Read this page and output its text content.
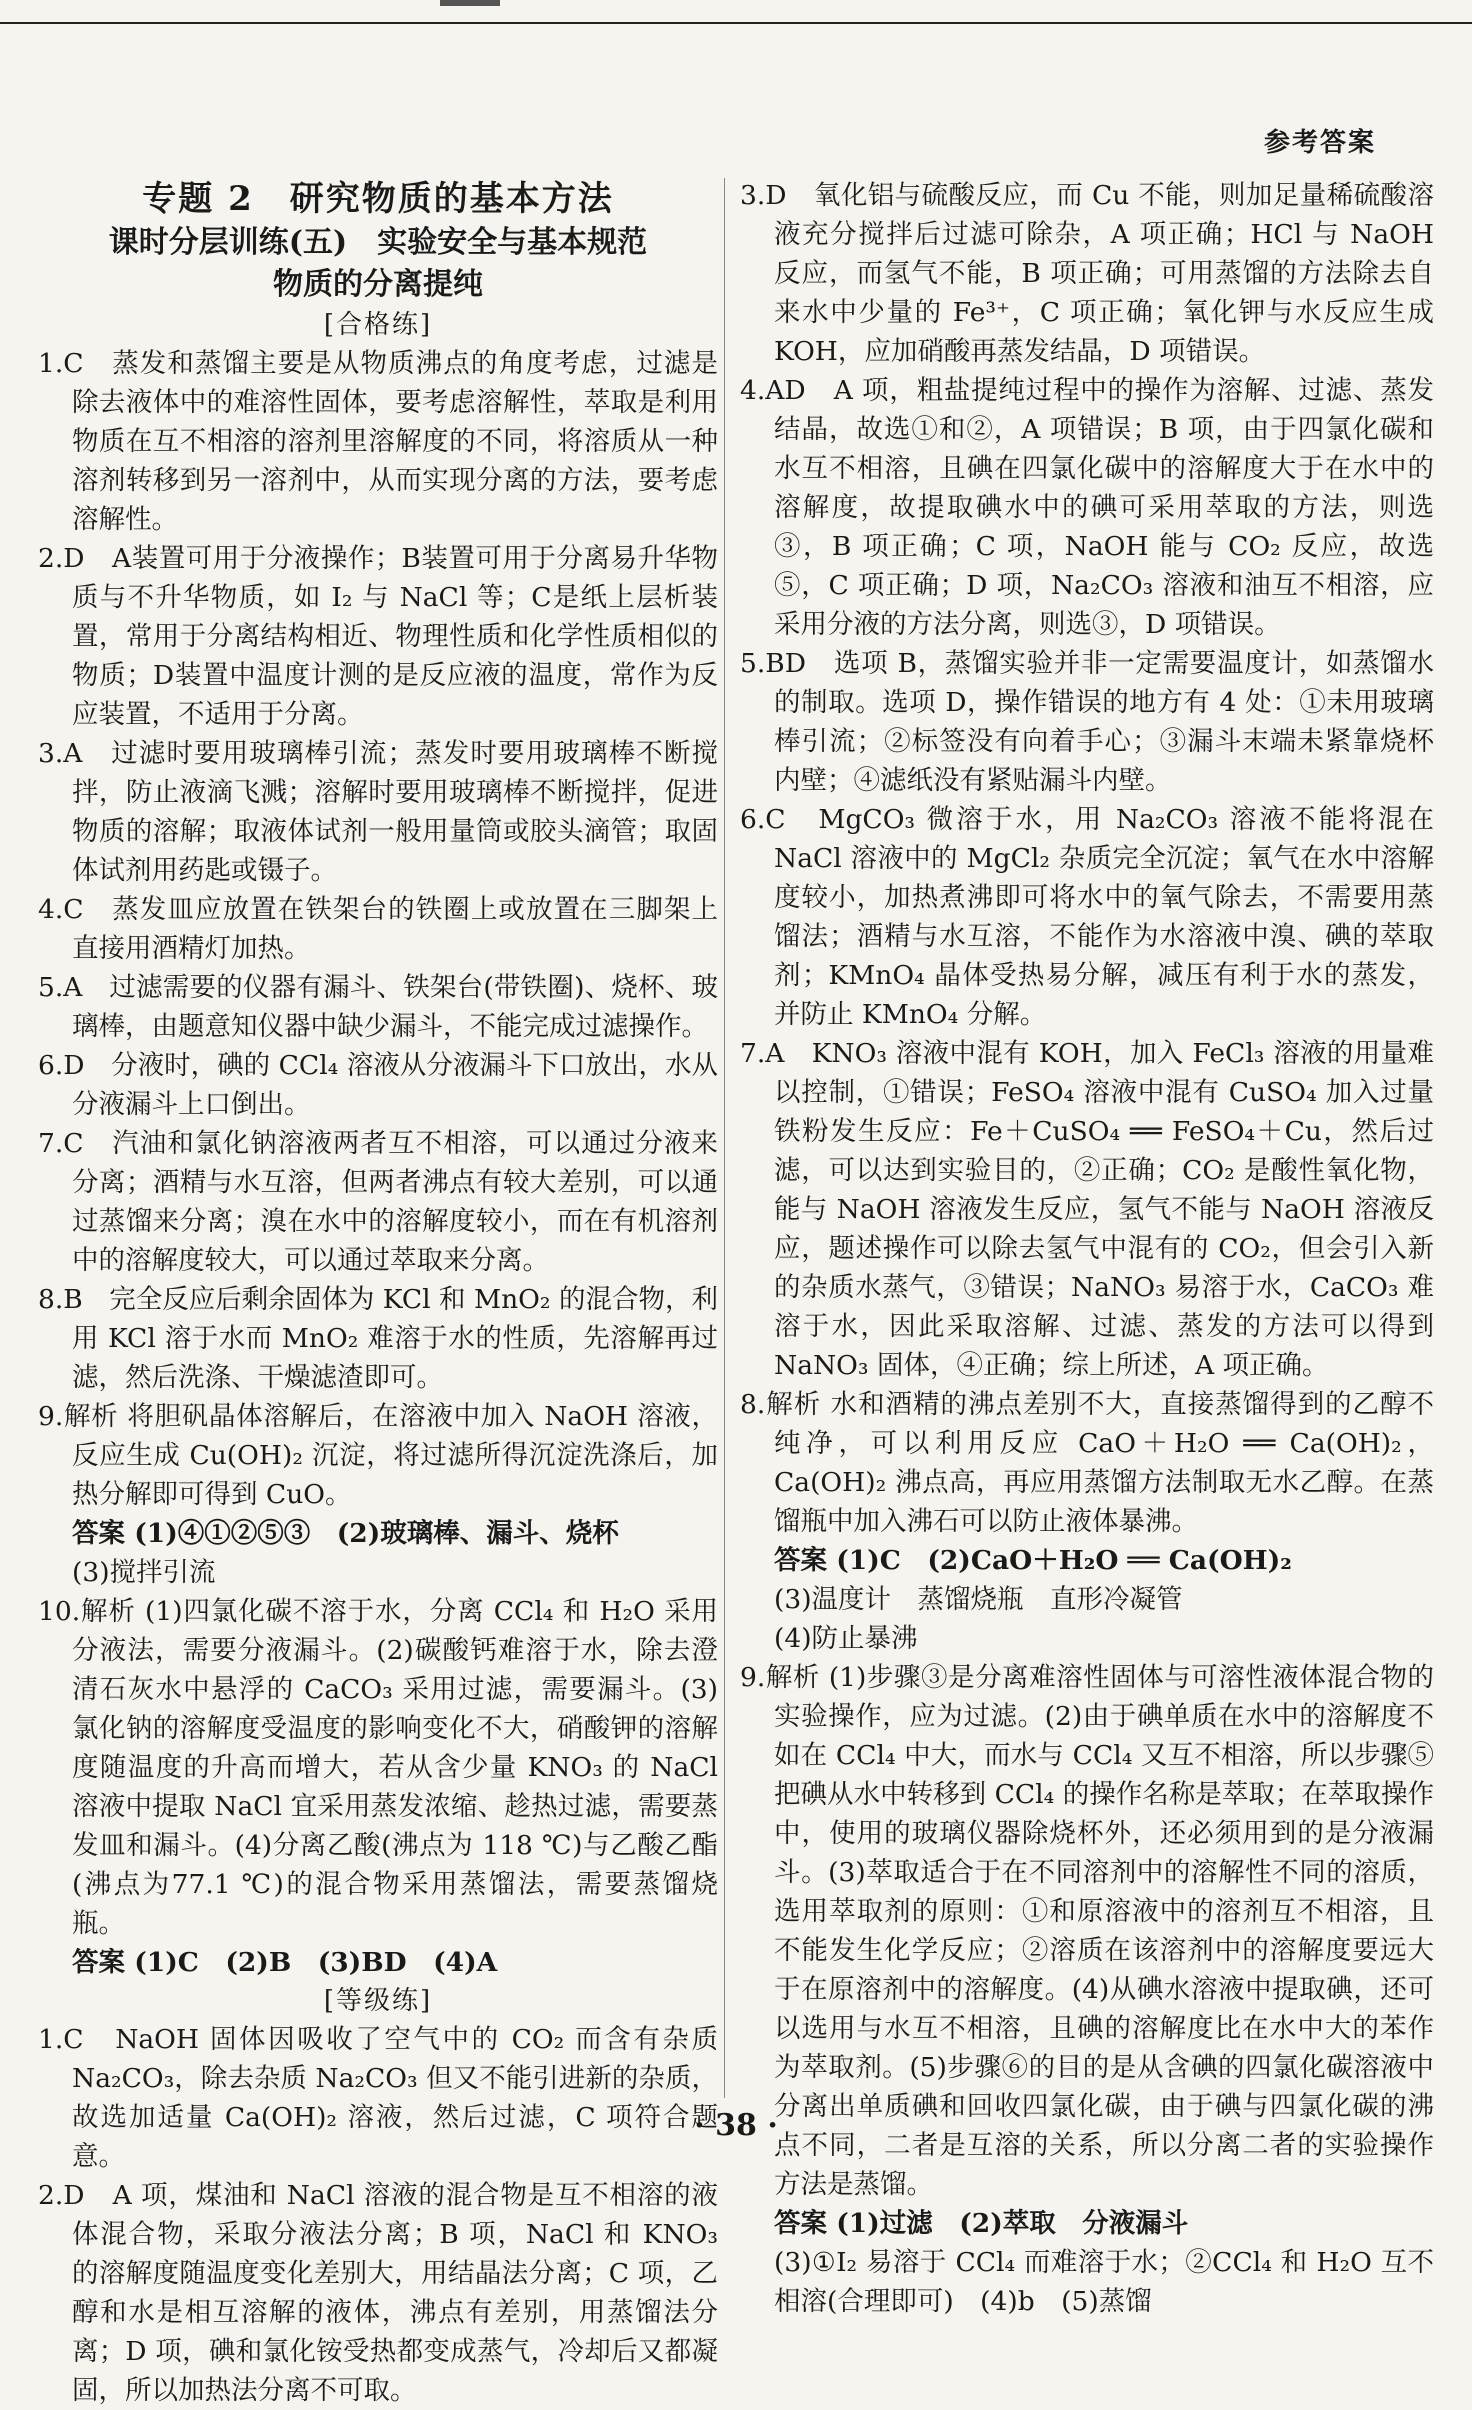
参考答案
专题 2　研究物质的基本方法
课时分层训练(五)　实验安全与基本规范
物质的分离提纯
[合格练]

1.C　蒸发和蒸馏主要是从物质沸点的角度考虑，过滤是除去液体中的难溶性固体，要考虑溶解性，萃取是利用物质在互不相溶的溶剂里溶解度的不同，将溶质从一种溶剂转移到另一溶剂中，从而实现分离的方法，要考虑溶解性。

2.D　A装置可用于分液操作；B装置可用于分离易升华物质与不升华物质，如 I₂ 与 NaCl 等；C是纸上层析装置，常用于分离结构相近、物理性质和化学性质相似的物质；D装置中温度计测的是反应液的温度，常作为反应装置，不适用于分离。

3.A　过滤时要用玻璃棒引流；蒸发时要用玻璃棒不断搅拌，防止液滴飞溅；溶解时要用玻璃棒不断搅拌，促进物质的溶解；取液体试剂一般用量筒或胶头滴管；取固体试剂用药匙或镊子。

4.C　蒸发皿应放置在铁架台的铁圈上或放置在三脚架上直接用酒精灯加热。

5.A　过滤需要的仪器有漏斗、铁架台(带铁圈)、烧杯、玻璃棒，由题意知仪器中缺少漏斗，不能完成过滤操作。

6.D　分液时，碘的 CCl₄ 溶液从分液漏斗下口放出，水从分液漏斗上口倒出。

7.C　汽油和氯化钠溶液两者互不相溶，可以通过分液来分离；酒精与水互溶，但两者沸点有较大差别，可以通过蒸馏来分离；溴在水中的溶解度较小，而在有机溶剂中的溶解度较大，可以通过萃取来分离。

8.B　完全反应后剩余固体为 KCl 和 MnO₂ 的混合物，利用 KCl 溶于水而 MnO₂ 难溶于水的性质，先溶解再过滤，然后洗涤、干燥滤渣即可。

9.解析 将胆矾晶体溶解后，在溶液中加入 NaOH 溶液，反应生成 Cu(OH)₂ 沉淀，将过滤所得沉淀洗涤后，加热分解即可得到 CuO。

答案 (1)④①②⑤③　(2)玻璃棒、漏斗、烧杯

(3)搅拌引流

10.解析 (1)四氯化碳不溶于水，分离 CCl₄ 和 H₂O 采用分液法，需要分液漏斗。(2)碳酸钙难溶于水，除去澄清石灰水中悬浮的 CaCO₃ 采用过滤，需要漏斗。(3)氯化钠的溶解度受温度的影响变化不大，硝酸钾的溶解度随温度的升高而增大，若从含少量 KNO₃ 的 NaCl 溶液中提取 NaCl 宜采用蒸发浓缩、趁热过滤，需要蒸发皿和漏斗。(4)分离乙酸(沸点为 118 ℃)与乙酸乙酯(沸点为77.1 ℃)的混合物采用蒸馏法，需要蒸馏烧瓶。

答案 (1)C　(2)B　(3)BD　(4)A

[等级练]

1.C　NaOH 固体因吸收了空气中的 CO₂ 而含有杂质 Na₂CO₃，除去杂质 Na₂CO₃ 但又不能引进新的杂质，故选加适量 Ca(OH)₂ 溶液，然后过滤，C 项符合题意。

2.D　A 项，煤油和 NaCl 溶液的混合物是互不相溶的液体混合物，采取分液法分离；B 项，NaCl 和 KNO₃ 的溶解度随温度变化差别大，用结晶法分离；C 项，乙醇和水是相互溶解的液体，沸点有差别，用蒸馏法分离；D 项，碘和氯化铵受热都变成蒸气，冷却后又都凝固，所以加热法分离不可取。

3.D　氧化铝与硫酸反应，而 Cu 不能，则加足量稀硫酸溶液充分搅拌后过滤可除杂，A 项正确；HCl 与 NaOH 反应，而氢气不能，B 项正确；可用蒸馏的方法除去自来水中少量的 Fe³⁺，C 项正确；氧化钾与水反应生成 KOH，应加硝酸再蒸发结晶，D 项错误。

4.AD　A 项，粗盐提纯过程中的操作为溶解、过滤、蒸发结晶，故选①和②，A 项错误；B 项，由于四氯化碳和水互不相溶，且碘在四氯化碳中的溶解度大于在水中的溶解度，故提取碘水中的碘可采用萃取的方法，则选③，B 项正确；C 项，NaOH 能与 CO₂ 反应，故选⑤，C 项正确；D 项，Na₂CO₃ 溶液和油互不相溶，应采用分液的方法分离，则选③，D 项错误。

5.BD　选项 B，蒸馏实验并非一定需要温度计，如蒸馏水的制取。选项 D，操作错误的地方有 4 处：①未用玻璃棒引流；②标签没有向着手心；③漏斗末端未紧靠烧杯内壁；④滤纸没有紧贴漏斗内壁。

6.C　MgCO₃ 微溶于水，用 Na₂CO₃ 溶液不能将混在 NaCl 溶液中的 MgCl₂ 杂质完全沉淀；氧气在水中溶解度较小，加热煮沸即可将水中的氧气除去，不需要用蒸馏法；酒精与水互溶，不能作为水溶液中溴、碘的萃取剂；KMnO₄ 晶体受热易分解，减压有利于水的蒸发，并防止 KMnO₄ 分解。

7.A　KNO₃ 溶液中混有 KOH，加入 FeCl₃ 溶液的用量难以控制，①错误；FeSO₄ 溶液中混有 CuSO₄ 加入过量铁粉发生反应：Fe＋CuSO₄ ══ FeSO₄＋Cu，然后过滤，可以达到实验目的，②正确；CO₂ 是酸性氧化物，能与 NaOH 溶液发生反应，氢气不能与 NaOH 溶液反应，题述操作可以除去氢气中混有的 CO₂，但会引入新的杂质水蒸气，③错误；NaNO₃ 易溶于水，CaCO₃ 难溶于水，因此采取溶解、过滤、蒸发的方法可以得到 NaNO₃ 固体，④正确；综上所述，A 项正确。

8.解析 水和酒精的沸点差别不大，直接蒸馏得到的乙醇不纯净，可以利用反应 CaO＋H₂O ══ Ca(OH)₂，Ca(OH)₂ 沸点高，再应用蒸馏方法制取无水乙醇。在蒸馏瓶中加入沸石可以防止液体暴沸。

答案 (1)C　(2)CaO＋H₂O ══ Ca(OH)₂

(3)温度计　蒸馏烧瓶　直形冷凝管

(4)防止暴沸

9.解析 (1)步骤③是分离难溶性固体与可溶性液体混合物的实验操作，应为过滤。(2)由于碘单质在水中的溶解度不如在 CCl₄ 中大，而水与 CCl₄ 又互不相溶，所以步骤⑤把碘从水中转移到 CCl₄ 的操作名称是萃取；在萃取操作中，使用的玻璃仪器除烧杯外，还必须用到的是分液漏斗。(3)萃取适合于在不同溶剂中的溶解性不同的溶质，选用萃取剂的原则：①和原溶液中的溶剂互不相溶，且不能发生化学反应；②溶质在该溶剂中的溶解度要远大于在原溶剂中的溶解度。(4)从碘水溶液中提取碘，还可以选用与水互不相溶，且碘的溶解度比在水中大的苯作为萃取剂。(5)步骤⑥的目的是从含碘的四氯化碳溶液中分离出单质碘和回收四氯化碳，由于碘与四氯化碳的沸点不同，二者是互溶的关系，所以分离二者的实验操作方法是蒸馏。

答案 (1)过滤　(2)萃取　分液漏斗

(3)①I₂ 易溶于 CCl₄ 而难溶于水；②CCl₄ 和 H₂O 互不相溶(合理即可)　(4)b　(5)蒸馏

· 38 ·
